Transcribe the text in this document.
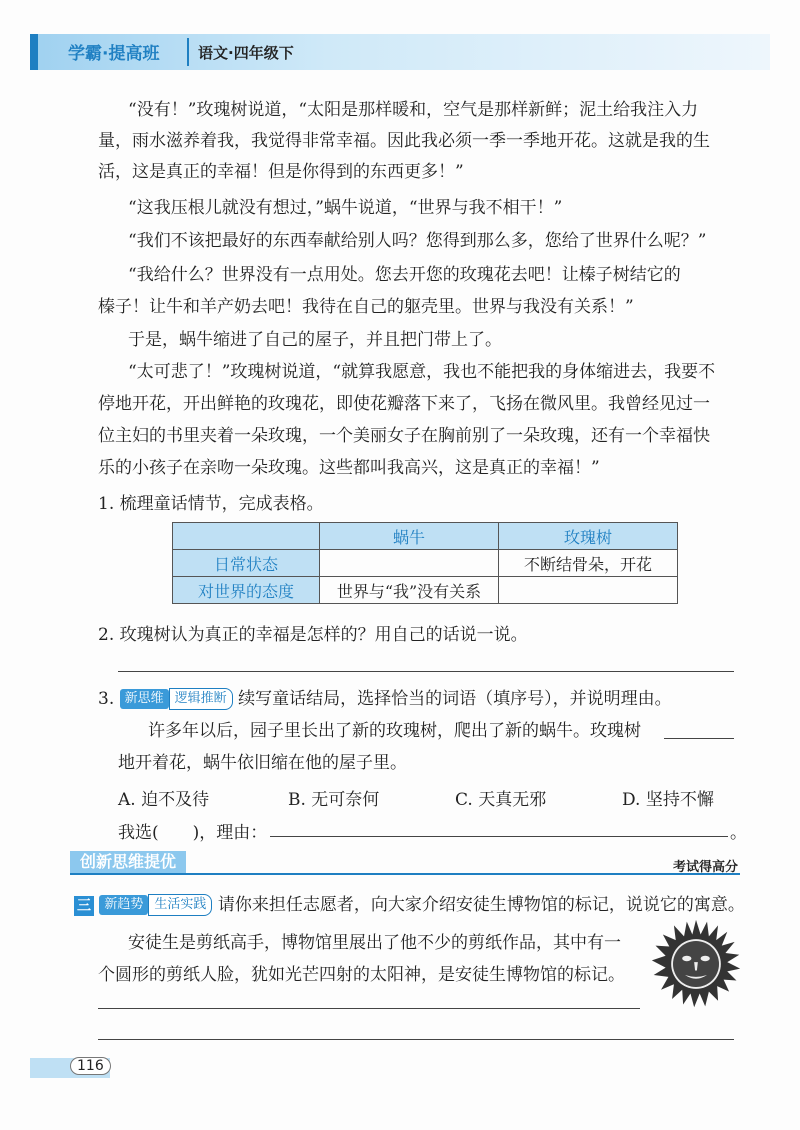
学霸·提高班	语文·四年级下
“没有！”玫瑰树说道，“太阳是那样暖和，空气是那样新鲜；泥土给我注入力
量，雨水滋养着我，我觉得非常幸福。因此我必须一季一季地开花。这就是我的生
活，这是真正的幸福！但是你得到的东西更多！”
“这我压根儿就没有想过，”蜗牛说道，“世界与我不相干！”
“我们不该把最好的东西奉献给别人吗？您得到那么多，您给了世界什么呢？”
“我给什么？世界没有一点用处。您去开您的玫瑰花去吧！让榛子树结它的
榛子！让牛和羊产奶去吧！我待在自己的躯壳里。世界与我没有关系！”
于是，蜗牛缩进了自己的屋子，并且把门带上了。
“太可悲了！”玫瑰树说道，“就算我愿意，我也不能把我的身体缩进去，我要不
停地开花，开出鲜艳的玫瑰花，即使花瓣落下来了，飞扬在微风里。我曾经见过一
位主妇的书里夹着一朵玫瑰，一个美丽女子在胸前别了一朵玫瑰，还有一个幸福快
乐的小孩子在亲吻一朵玫瑰。这些都叫我高兴，这是真正的幸福！”
1. 梳理童话情节，完成表格。
	蜗牛	玫瑰树
日常状态		不断结骨朵，开花
对世界的态度	世界与“我”没有关系	
2. 玫瑰树认为真正的幸福是怎样的？用自己的话说一说。
3. 新思维 逻辑推断 续写童话结局，选择恰当的词语（填序号），并说明理由。
许多年以后，园子里长出了新的玫瑰树，爬出了新的蜗牛。玫瑰树
地开着花，蜗牛依旧缩在他的屋子里。
A. 迫不及待	B. 无可奈何	C. 天真无邪	D. 坚持不懈
我选(　　)，理由：	。
创新思维提优	考试得高分
三 新趋势 生活实践 请你来担任志愿者，向大家介绍安徒生博物馆的标记，说说它的寓意。
安徒生是剪纸高手，博物馆里展出了他不少的剪纸作品，其中有一
个圆形的剪纸人脸，犹如光芒四射的太阳神，是安徒生博物馆的标记。
116
